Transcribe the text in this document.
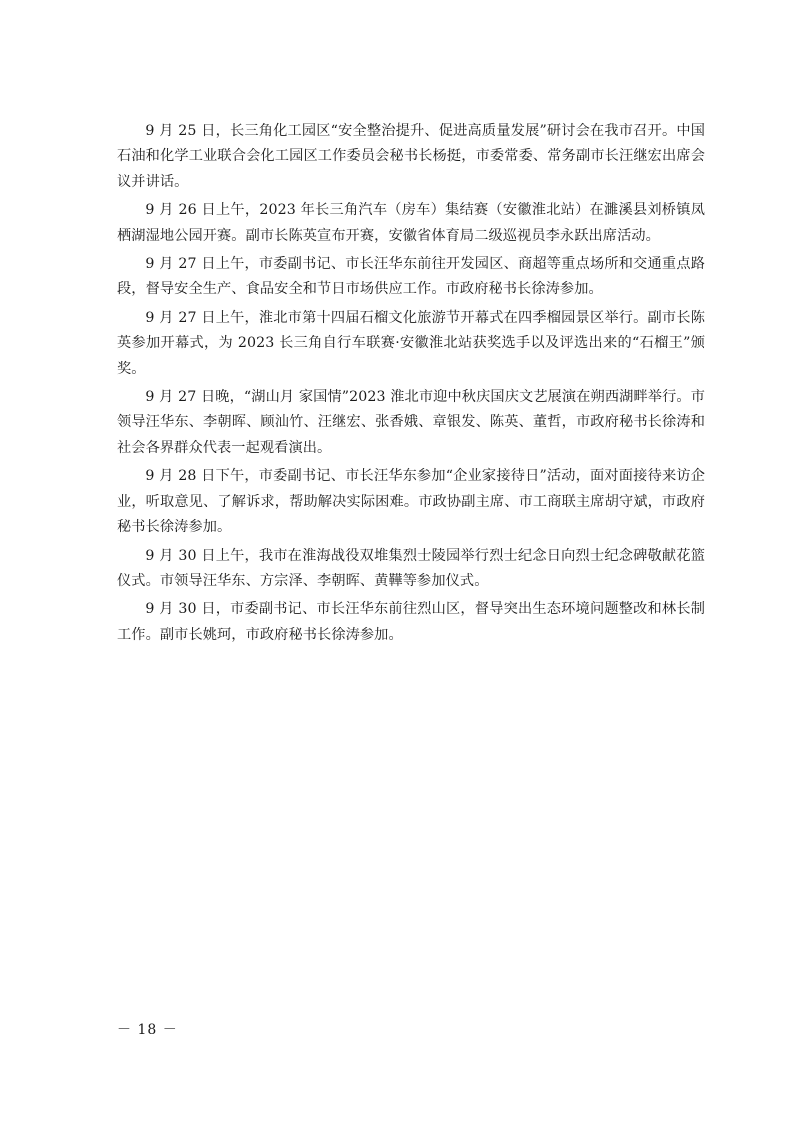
9 月 25 日，长三角化工园区“安全整治提升、促进高质量发展”研讨会在我市召开。中国石油和化学工业联合会化工园区工作委员会秘书长杨挺，市委常委、常务副市长汪继宏出席会议并讲话。

9 月 26 日上午，2023 年长三角汽车（房车）集结赛（安徽淮北站）在濉溪县刘桥镇凤栖湖湿地公园开赛。副市长陈英宣布开赛，安徽省体育局二级巡视员李永跃出席活动。

9 月 27 日上午，市委副书记、市长汪华东前往开发园区、商超等重点场所和交通重点路段，督导安全生产、食品安全和节日市场供应工作。市政府秘书长徐涛参加。

9 月 27 日上午，淮北市第十四届石榴文化旅游节开幕式在四季榴园景区举行。副市长陈英参加开幕式，为 2023 长三角自行车联赛·安徽淮北站获奖选手以及评选出来的“石榴王”颁奖。

9 月 27 日晚，“湖山月 家国情”2023 淮北市迎中秋庆国庆文艺展演在朔西湖畔举行。市领导汪华东、李朝晖、顾汕竹、汪继宏、张香娥、章银发、陈英、董哲，市政府秘书长徐涛和社会各界群众代表一起观看演出。

9 月 28 日下午，市委副书记、市长汪华东参加“企业家接待日”活动，面对面接待来访企业，听取意见、了解诉求，帮助解决实际困难。市政协副主席、市工商联主席胡守斌，市政府秘书长徐涛参加。

9 月 30 日上午，我市在淮海战役双堆集烈士陵园举行烈士纪念日向烈士纪念碑敬献花篮仪式。市领导汪华东、方宗泽、李朝晖、黄鞾等参加仪式。

9 月 30 日，市委副书记、市长汪华东前往烈山区，督导突出生态环境问题整改和林长制工作。副市长姚珂，市政府秘书长徐涛参加。

－ 18 －
